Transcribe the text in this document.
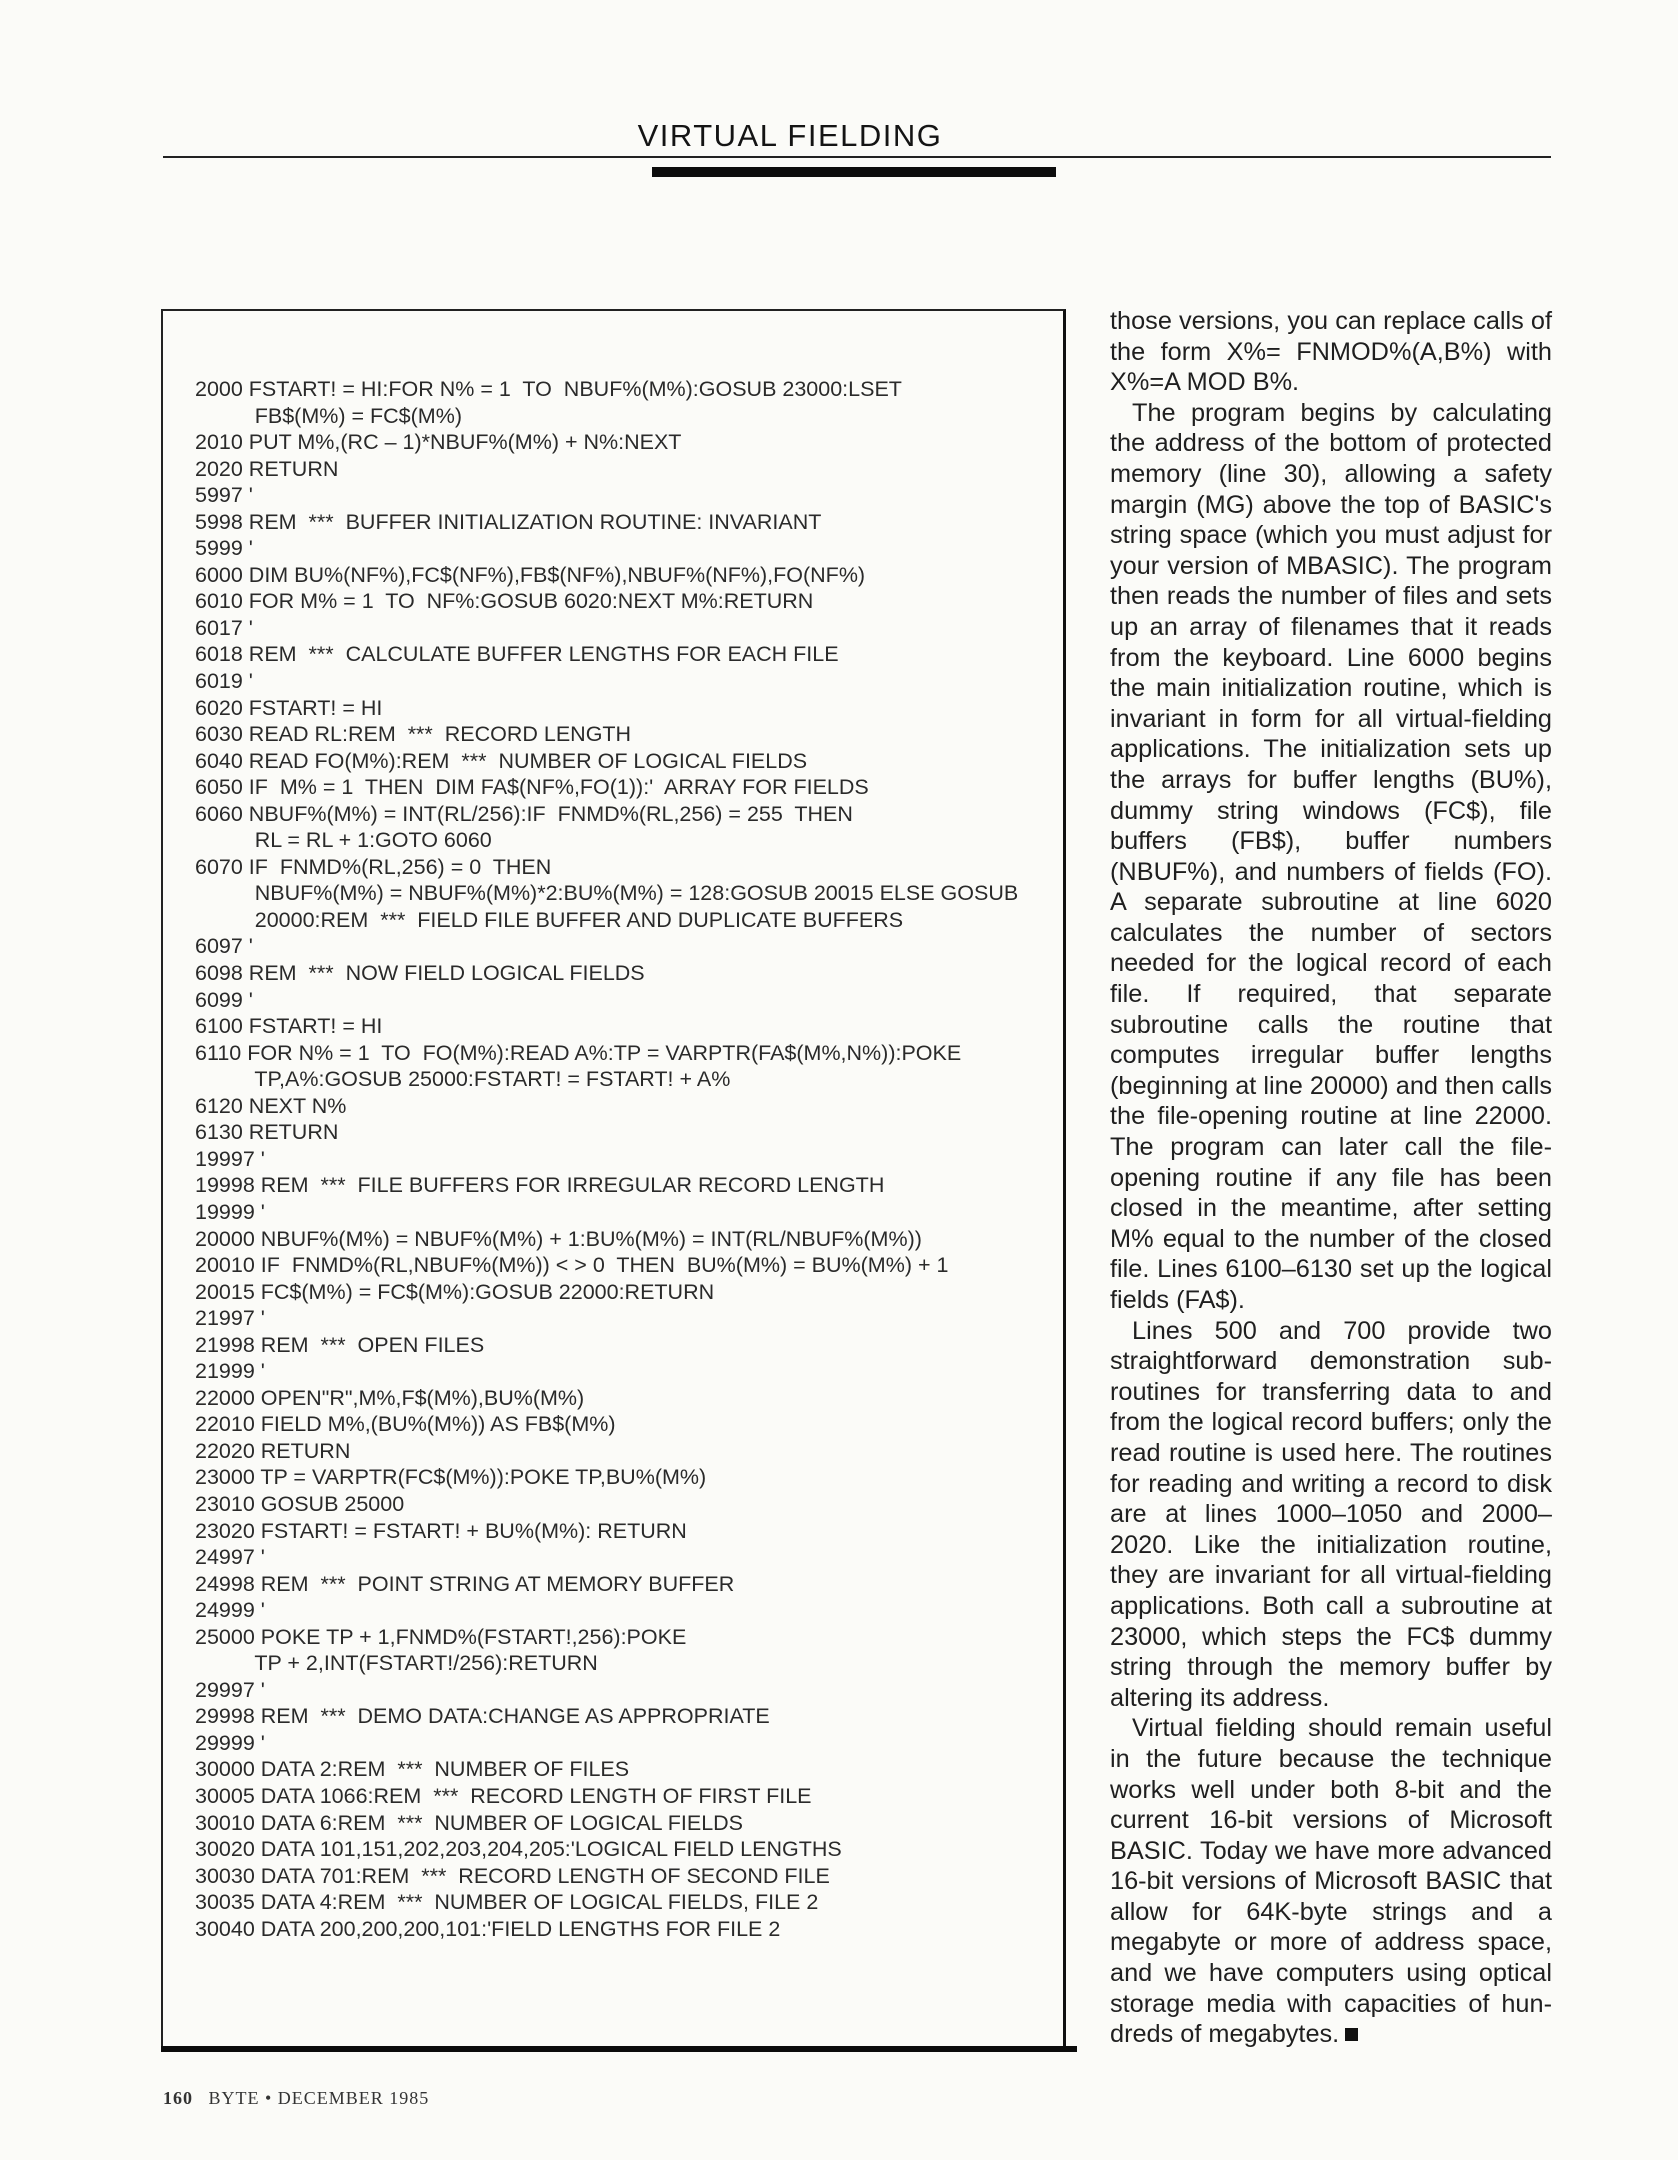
VIRTUAL FIELDING
2000 FSTART! = HI:FOR N% = 1  TO  NBUF%(M%):GOSUB 23000:LSET
FB$(M%) = FC$(M%)
2010 PUT M%,(RC – 1)*NBUF%(M%) + N%:NEXT
2020 RETURN
5997 '
5998 REM  ***  BUFFER INITIALIZATION ROUTINE: INVARIANT
5999 '
6000 DIM BU%(NF%),FC$(NF%),FB$(NF%),NBUF%(NF%),FO(NF%)
6010 FOR M% = 1  TO  NF%:GOSUB 6020:NEXT M%:RETURN
6017 '
6018 REM  ***  CALCULATE BUFFER LENGTHS FOR EACH FILE
6019 '
6020 FSTART! = HI
6030 READ RL:REM  ***  RECORD LENGTH
6040 READ FO(M%):REM  ***  NUMBER OF LOGICAL FIELDS
6050 IF  M% = 1  THEN  DIM FA$(NF%,FO(1)):'  ARRAY FOR FIELDS
6060 NBUF%(M%) = INT(RL/256):IF  FNMD%(RL,256) = 255  THEN
RL = RL + 1:GOTO 6060
6070 IF  FNMD%(RL,256) = 0  THEN
NBUF%(M%) = NBUF%(M%)*2:BU%(M%) = 128:GOSUB 20015 ELSE GOSUB
20000:REM  ***  FIELD FILE BUFFER AND DUPLICATE BUFFERS
6097 '
6098 REM  ***  NOW FIELD LOGICAL FIELDS
6099 '
6100 FSTART! = HI
6110 FOR N% = 1  TO  FO(M%):READ A%:TP = VARPTR(FA$(M%,N%)):POKE
TP,A%:GOSUB 25000:FSTART! = FSTART! + A%
6120 NEXT N%
6130 RETURN
19997 '
19998 REM  ***  FILE BUFFERS FOR IRREGULAR RECORD LENGTH
19999 '
20000 NBUF%(M%) = NBUF%(M%) + 1:BU%(M%) = INT(RL/NBUF%(M%))
20010 IF  FNMD%(RL,NBUF%(M%)) < > 0  THEN  BU%(M%) = BU%(M%) + 1
20015 FC$(M%) = FC$(M%):GOSUB 22000:RETURN
21997 '
21998 REM  ***  OPEN FILES
21999 '
22000 OPEN"R",M%,F$(M%),BU%(M%)
22010 FIELD M%,(BU%(M%)) AS FB$(M%)
22020 RETURN
23000 TP = VARPTR(FC$(M%)):POKE TP,BU%(M%)
23010 GOSUB 25000
23020 FSTART! = FSTART! + BU%(M%): RETURN
24997 '
24998 REM  ***  POINT STRING AT MEMORY BUFFER
24999 '
25000 POKE TP + 1,FNMD%(FSTART!,256):POKE
TP + 2,INT(FSTART!/256):RETURN
29997 '
29998 REM  ***  DEMO DATA:CHANGE AS APPROPRIATE
29999 '
30000 DATA 2:REM  ***  NUMBER OF FILES
30005 DATA 1066:REM  ***  RECORD LENGTH OF FIRST FILE
30010 DATA 6:REM  ***  NUMBER OF LOGICAL FIELDS
30020 DATA 101,151,202,203,204,205:'LOGICAL FIELD LENGTHS
30030 DATA 701:REM  ***  RECORD LENGTH OF SECOND FILE
30035 DATA 4:REM  ***  NUMBER OF LOGICAL FIELDS, FILE 2
30040 DATA 200,200,200,101:'FIELD LENGTHS FOR FILE 2

those versions, you can replace calls of the form X%= FNMOD%(A,B%) with X%=A MOD B%.

The program begins by calculating the address of the bottom of protected memory (line 30), allowing a safety margin (MG) above the top of BASIC's string space (which you must adjust for your version of MBASIC). The program then reads the number of files and sets up an array of filenames that it reads from the keyboard. Line 6000 begins the main initialization routine, which is invariant in form for all virtual-fielding applications. The initialization sets up the arrays for buffer lengths (BU%), dummy string windows (FC$), file buffers (FB$), buffer numbers (NBUF%), and numbers of fields (FO). A separate subroutine at line 6020 calculates the number of sectors needed for the logical record of each file. If required, that separate subroutine calls the routine that computes irregular buffer lengths (beginning at line 20000) and then calls the file-opening routine at line 22000. The program can later call the file-opening routine if any file has been closed in the meantime, after setting M% equal to the number of the closed file. Lines 6100–6130 set up the logical fields (FA$).

Lines 500 and 700 provide two straightforward demonstration subroutines for transferring data to and from the logical record buffers; only the read routine is used here. The routines for reading and writing a record to disk are at lines 1000–1050 and 2000–2020. Like the initialization routine, they are invariant for all virtual-fielding applications. Both call a subroutine at 23000, which steps the FC$ dummy string through the memory buffer by altering its address.

Virtual fielding should remain useful in the future because the technique works well under both 8-bit and the current 16-bit versions of Microsoft BASIC. Today we have more advanced 16-bit versions of Microsoft BASIC that allow for 64K-byte strings and a megabyte or more of address space, and we have computers using optical storage media with capacities of hundreds of megabytes.

160 BYTE • DECEMBER 1985
